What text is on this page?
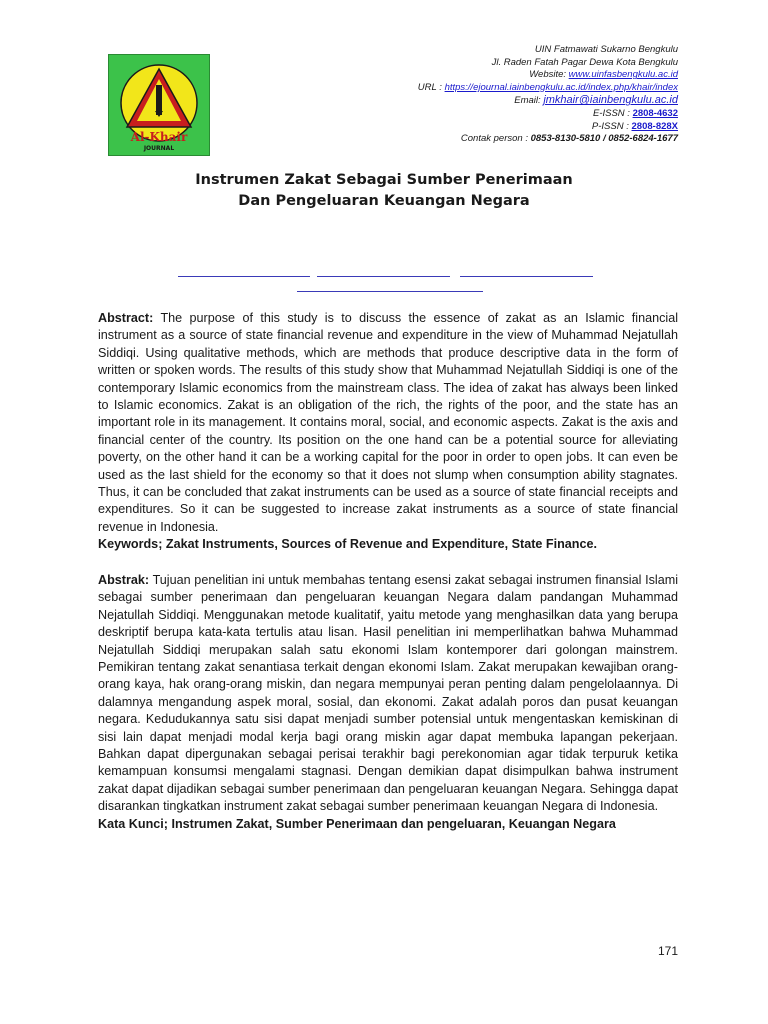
Al-Khair
JOURNAL
UIN Fatmawati Sukarno Bengkulu
Jl. Raden Fatah Pagar Dewa Kota Bengkulu
Website: www.uinfasbengkulu.ac.id
URL : https://ejournal.iainbengkulu.ac.id/index.php/khair/index
Email: jmkhair@iainbengkulu.ac.id
E-ISSN : 2808-4632
P-ISSN : 2808-828X
Contak person : 0853-8130-5810 / 0852-6824-1677
Instrumen Zakat Sebagai Sumber Penerimaan
Dan Pengeluaran Keuangan Negara

Abstract: The purpose of this study is to discuss the essence of zakat as an Islamic financial instrument as a source of state financial revenue and expenditure in the view of Muhammad Nejatullah Siddiqi. Using qualitative methods, which are methods that produce descriptive data in the form of written or spoken words. The results of this study show that Muhammad Nejatullah Siddiqi is one of the contemporary Islamic economics from the mainstream class. The idea of zakat has always been linked to Islamic economics. Zakat is an obligation of the rich, the rights of the poor, and the state has an important role in its management. It contains moral, social, and economic aspects. Zakat is the axis and financial center of the country. Its position on the one hand can be a potential source for alleviating poverty, on the other hand it can be a working capital for the poor in order to open jobs. It can even be used as the last shield for the economy so that it does not slump when consumption ability stagnates. Thus, it can be concluded that zakat instruments can be used as a source of state financial receipts and expenditures. So it can be suggested to increase zakat instruments as a source of state financial revenue in Indonesia.

Keywords; Zakat Instruments, Sources of Revenue and Expenditure, State Finance.

Abstrak: Tujuan penelitian ini untuk membahas tentang esensi zakat sebagai instrumen finansial Islami sebagai sumber penerimaan dan pengeluaran keuangan Negara dalam pandangan Muhammad Nejatullah Siddiqi. Menggunakan metode kualitatif, yaitu metode yang menghasilkan data yang berupa deskriptif berupa kata-kata tertulis atau lisan. Hasil penelitian ini memperlihatkan bahwa Muhammad Nejatullah Siddiqi merupakan salah satu ekonomi Islam kontemporer dari golongan mainstrem. Pemikiran tentang zakat senantiasa terkait dengan ekonomi Islam. Zakat merupakan kewajiban orang-orang kaya, hak orang-orang miskin, dan negara mempunyai peran penting dalam pengelolaannya. Di dalamnya mengandung aspek moral, sosial, dan ekonomi. Zakat adalah poros dan pusat keuangan negara. Kedudukannya satu sisi dapat menjadi sumber potensial untuk mengentaskan kemiskinan di sisi lain dapat menjadi modal kerja bagi orang miskin agar dapat membuka lapangan pekerjaan. Bahkan dapat dipergunakan sebagai perisai terakhir bagi perekonomian agar tidak terpuruk ketika kemampuan konsumsi mengalami stagnasi. Dengan demikian dapat disimpulkan bahwa instrument zakat dapat dijadikan sebagai sumber penerimaan dan pengeluaran keuangan Negara. Sehingga dapat disarankan tingkatkan instrument zakat sebagai sumber penerimaan keuangan Negara di Indonesia.

Kata Kunci; Instrumen Zakat, Sumber Penerimaan dan pengeluaran, Keuangan Negara

171
